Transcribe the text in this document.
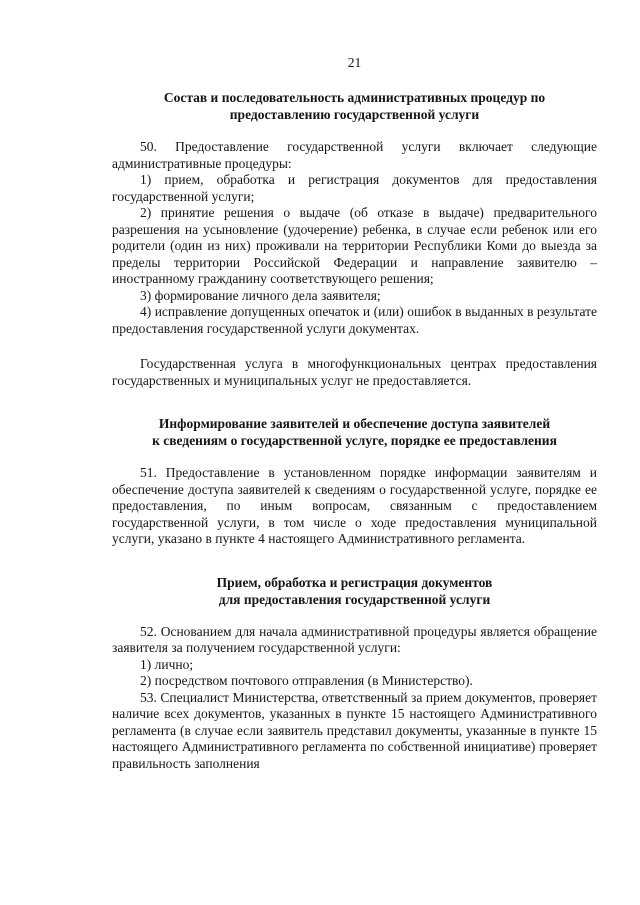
21
Состав и последовательность административных процедур по
предоставлению государственной услуги

50. Предоставление государственной услуги включает следующие административные процедуры:

1) прием, обработка и регистрация документов для предоставления государственной услуги;

2) принятие решения о выдаче (об отказе в выдаче) предварительного разрешения на усыновление (удочерение) ребенка, в случае если ребенок или его родители (один из них) проживали на территории Республики Коми до выезда за пределы территории Российской Федерации и направление заявителю – иностранному гражданину соответствующего решения;

3) формирование личного дела заявителя;

4) исправление допущенных опечаток и (или) ошибок в выданных в результате предоставления государственной услуги документах.

Государственная услуга в многофункциональных центрах предоставления государственных и муниципальных услуг не предоставляется.

Информирование заявителей и обеспечение доступа заявителей
к сведениям о государственной услуге, порядке ее предоставления

51. Предоставление в установленном порядке информации заявителям и обеспечение доступа заявителей к сведениям о государственной услуге, порядке ее предоставления, по иным вопросам, связанным с предоставлением государственной услуги, в том числе о ходе предоставления муниципальной услуги, указано в пункте 4 настоящего Административного регламента.

Прием, обработка и регистрация документов
для предоставления государственной услуги

52. Основанием для начала административной процедуры является обращение заявителя за получением государственной услуги:

1) лично;

2) посредством почтового отправления (в Министерство).

53. Специалист Министерства, ответственный за прием документов, проверяет наличие всех документов, указанных в пункте 15 настоящего Административного регламента (в случае если заявитель представил документы, указанные в пункте 15 настоящего Административного регламента по собственной инициативе) проверяет правильность заполнения
